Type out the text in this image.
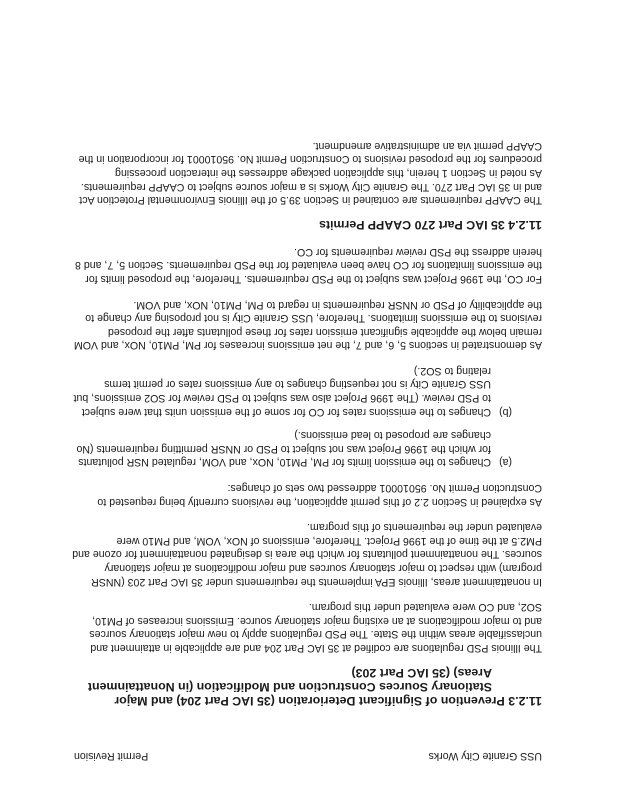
USS Granite City Works
Permit Revision
11.2.3 Prevention of Significant Deterioration (35 IAC Part 204) and Major Stationary Sources Construction and Modification (in Nonattainment Areas) (35 IAC Part 203)

The Illinois PSD regulations are codified at 35 IAC Part 204 and are applicable in attainment and unclassifiable areas within the State. The PSD regulations apply to new major stationary sources and to major modifications at an existing major stationary source. Emissions increases of PM10, SO2, and CO were evaluated under this program.

In nonattainment areas, Illinois EPA implements the requirements under 35 IAC Part 203 (NNSR program) with respect to major stationary sources and major modifications at major stationary sources. The nonattainment pollutants for which the area is designated nonattainment for ozone and PM2.5 at the time of the 1996 Project. Therefore, emissions of NOx, VOM, and PM10 were evaluated under the requirements of this program.

As explained in Section 2.2 of this permit application, the revisions currently being requested to Construction Permit No. 95010001 addressed two sets of changes:

(a)
Changes to the emission limits for PM, PM10, NOx, and VOM, regulated NSR pollutants for which the 1996 Project was not subject to PSD or NNSR permitting requirements (No changes are proposed to lead emissions.)
(b)
Changes to the emissions rates for CO for some of the emission units that were subject to PSD review. (The 1996 Project also was subject to PSD review for SO2 emissions, but USS Granite City is not requesting changes to any emissions rates or permit terms relating to SO2.)

As demonstrated in sections 5, 6, and 7, the net emissions increases for PM, PM10, NOx, and VOM remain below the applicable significant emission rates for these pollutants after the proposed revisions to the emissions limitations. Therefore, USS Granite City is not proposing any change to the applicability of PSD or NNSR requirements in regard to PM, PM10, NOx, and VOM.

For CO, the 1996 Project was subject to the PSD requirements. Therefore, the proposed limits for the emissions limitations for CO have been evaluated for the PSD requirements. Section 5, 7, and 8 herein address the PSD review requirements for CO.

11.2.4 35 IAC Part 270 CAAPP Permits

The CAAPP requirements are contained in Section 39.5 of the Illinois Environmental Protection Act and in 35 IAC Part 270. The Granite City Works is a major source subject to CAAPP requirements. As noted in Section 1 herein, this application package addresses the interaction processing procedures for the proposed revisions to Construction Permit No. 95010001 for incorporation in the CAAPP permit via an administrative amendment.
